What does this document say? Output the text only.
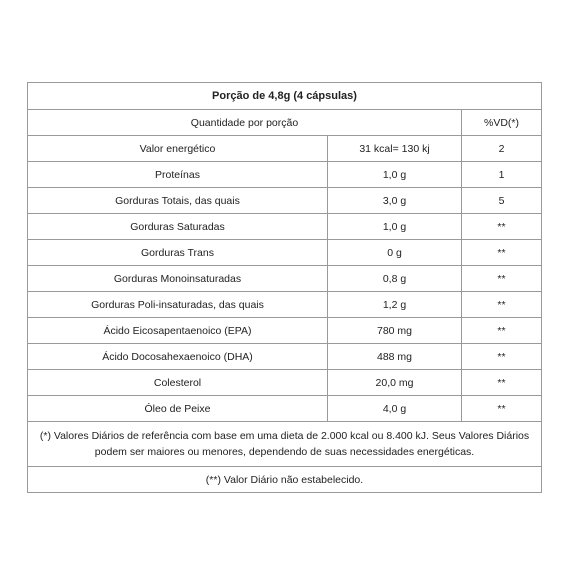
Porção de 4,8g (4 cápsulas)		
Quantidade por porção		%VD(*)
Valor energético	31 kcal= 130 kj	2
Proteínas	1,0 g	1
Gorduras Totais, das quais	3,0 g	5
Gorduras Saturadas	1,0 g	**
Gorduras Trans	0 g	**
Gorduras Monoinsaturadas	0,8 g	**
Gorduras Poli-insaturadas, das quais	1,2 g	**
Ácido Eicosapentaenoico (EPA)	780 mg	**
Ácido Docosahexaenoico (DHA)	488 mg	**
Colesterol	20,0 mg	**
Óleo de Peixe	4,0 g	**
(*) Valores Diários de referência com base em uma dieta de 2.000 kcal ou 8.400 kJ. Seus Valores Diários podem ser maiores ou menores, dependendo de suas necessidades energéticas.		
(**) Valor Diário não estabelecido.		
